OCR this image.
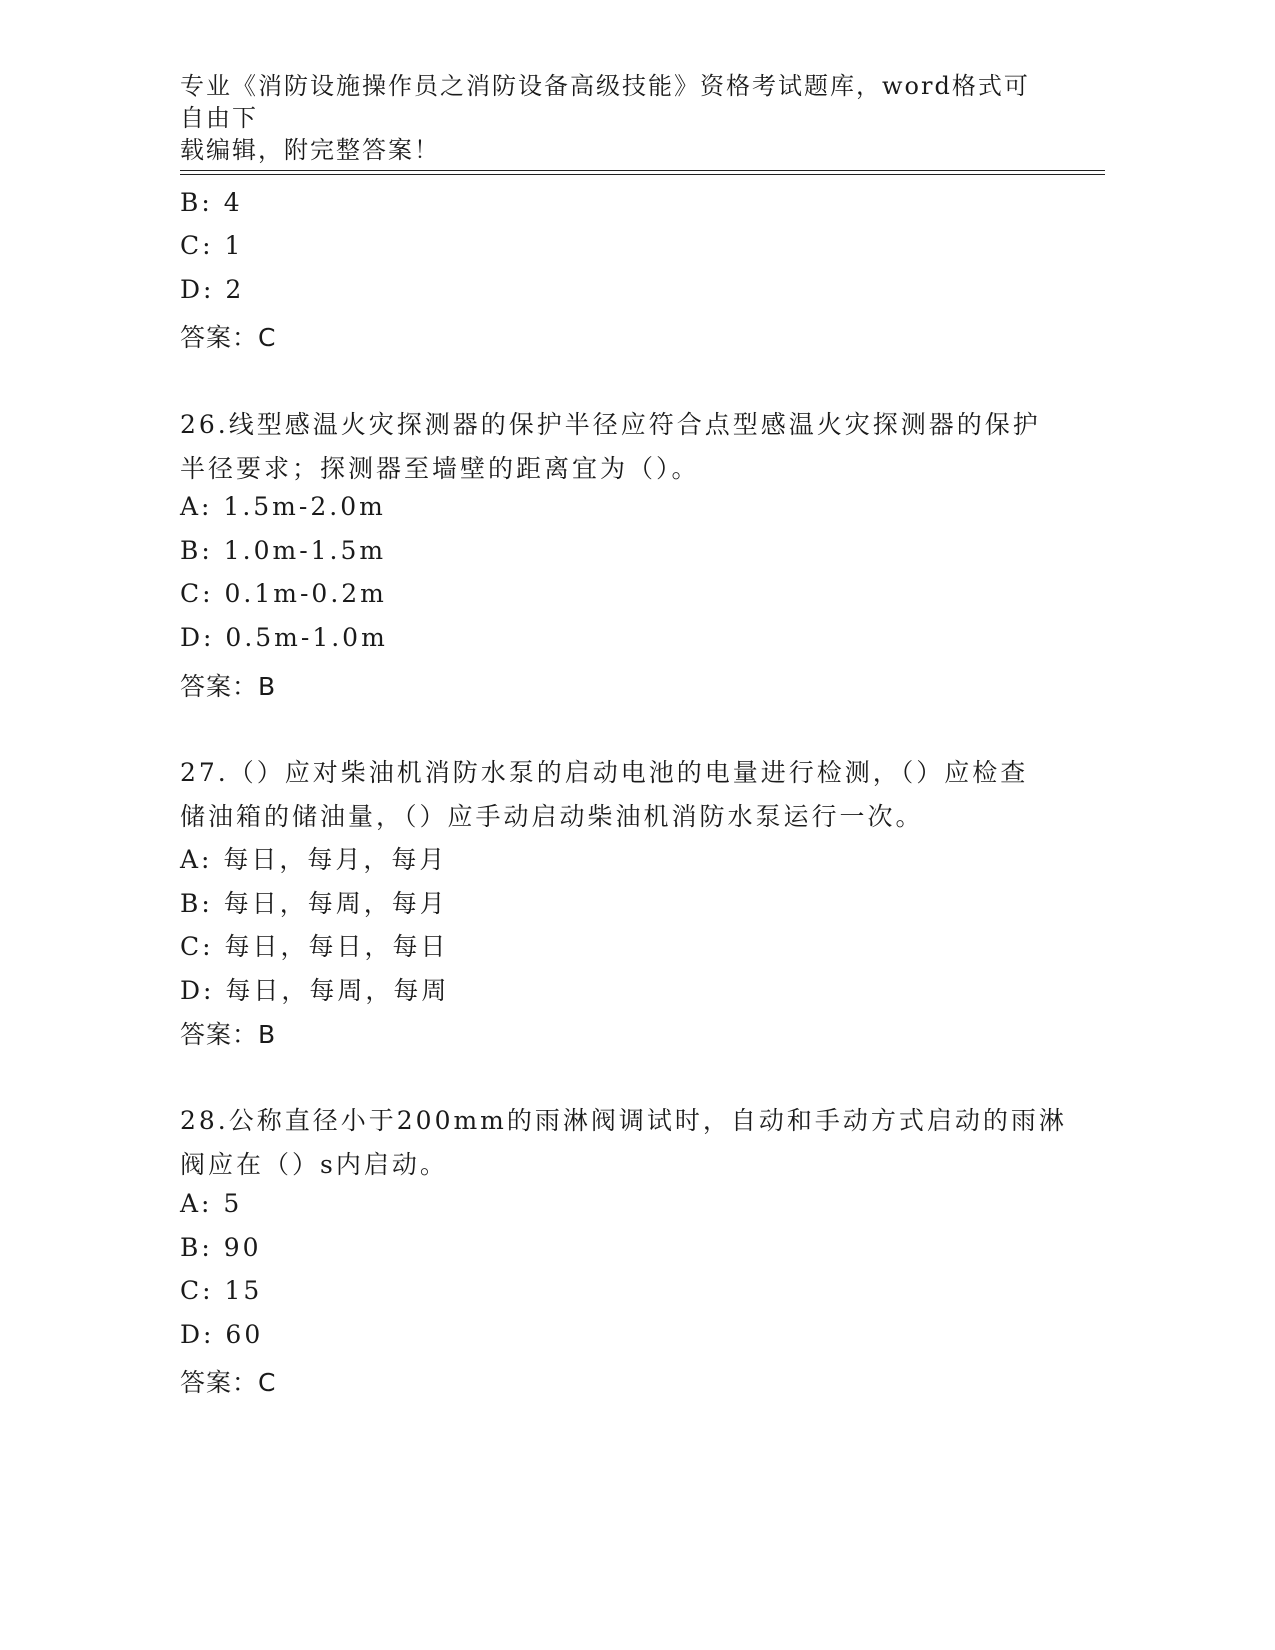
专业《消防设施操作员之消防设备高级技能》资格考试题库，word格式可自由下
载编辑，附完整答案！
B: 4
C: 1
D: 2
答案：C
26.线型感温火灾探测器的保护半径应符合点型感温火灾探测器的保护
半径要求；探测器至墙壁的距离宜为（）。
A: 1.5m-2.0m
B: 1.0m-1.5m
C: 0.1m-0.2m
D: 0.5m-1.0m
答案：B
27.（）应对柴油机消防水泵的启动电池的电量进行检测，（）应检查
储油箱的储油量，（）应手动启动柴油机消防水泵运行一次。
A: 每日，每月，每月
B: 每日，每周，每月
C: 每日，每日，每日
D: 每日，每周，每周
答案：B
28.公称直径小于200mm的雨淋阀调试时，自动和手动方式启动的雨淋
阀应在（）s内启动。
A: 5
B: 90
C: 15
D: 60
答案：C
